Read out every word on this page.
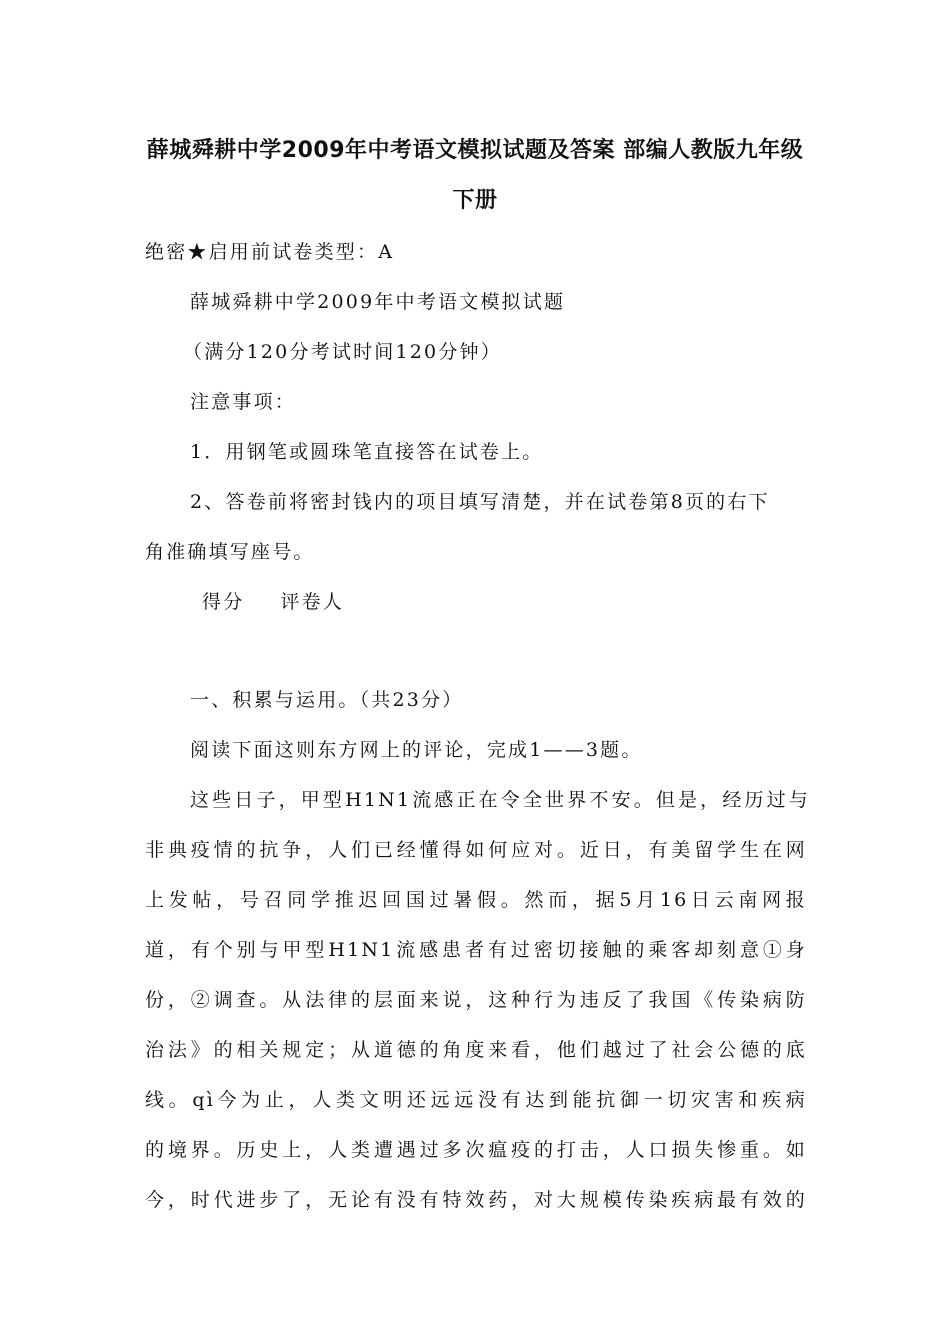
薛城舜耕中学2009年中考语文模拟试题及答案 部编人教版九年级
下册
绝密★启用前试卷类型：A
薛城舜耕中学2009年中考语文模拟试题
（满分120分考试时间120分钟）
注意事项：
1．用钢笔或圆珠笔直接答在试卷上。
2、答卷前将密封钱内的项目填写清楚，并在试卷第8页的右下
角准确填写座号。
得分 评卷人
一、积累与运用。（共23分）
阅读下面这则东方网上的评论，完成1——3题。
这些日子，甲型H1N1流感正在令全世界不安。但是，经历过与
非典疫情的抗争，人们已经懂得如何应对。近日，有美留学生在网
上发帖，号召同学推迟回国过暑假。然而，据5月16日云南网报
道，有个别与甲型H1N1流感患者有过密切接触的乘客却刻意①身
份，②调查。从法律的层面来说，这种行为违反了我国《传染病防
治法》的相关规定；从道德的角度来看，他们越过了社会公德的底
线。qì今为止，人类文明还远远没有达到能抗御一切灾害和疾病
的境界。历史上，人类遭遇过多次瘟疫的打击，人口损失惨重。如
今，时代进步了，无论有没有特效药，对大规模传染疾病最有效的
